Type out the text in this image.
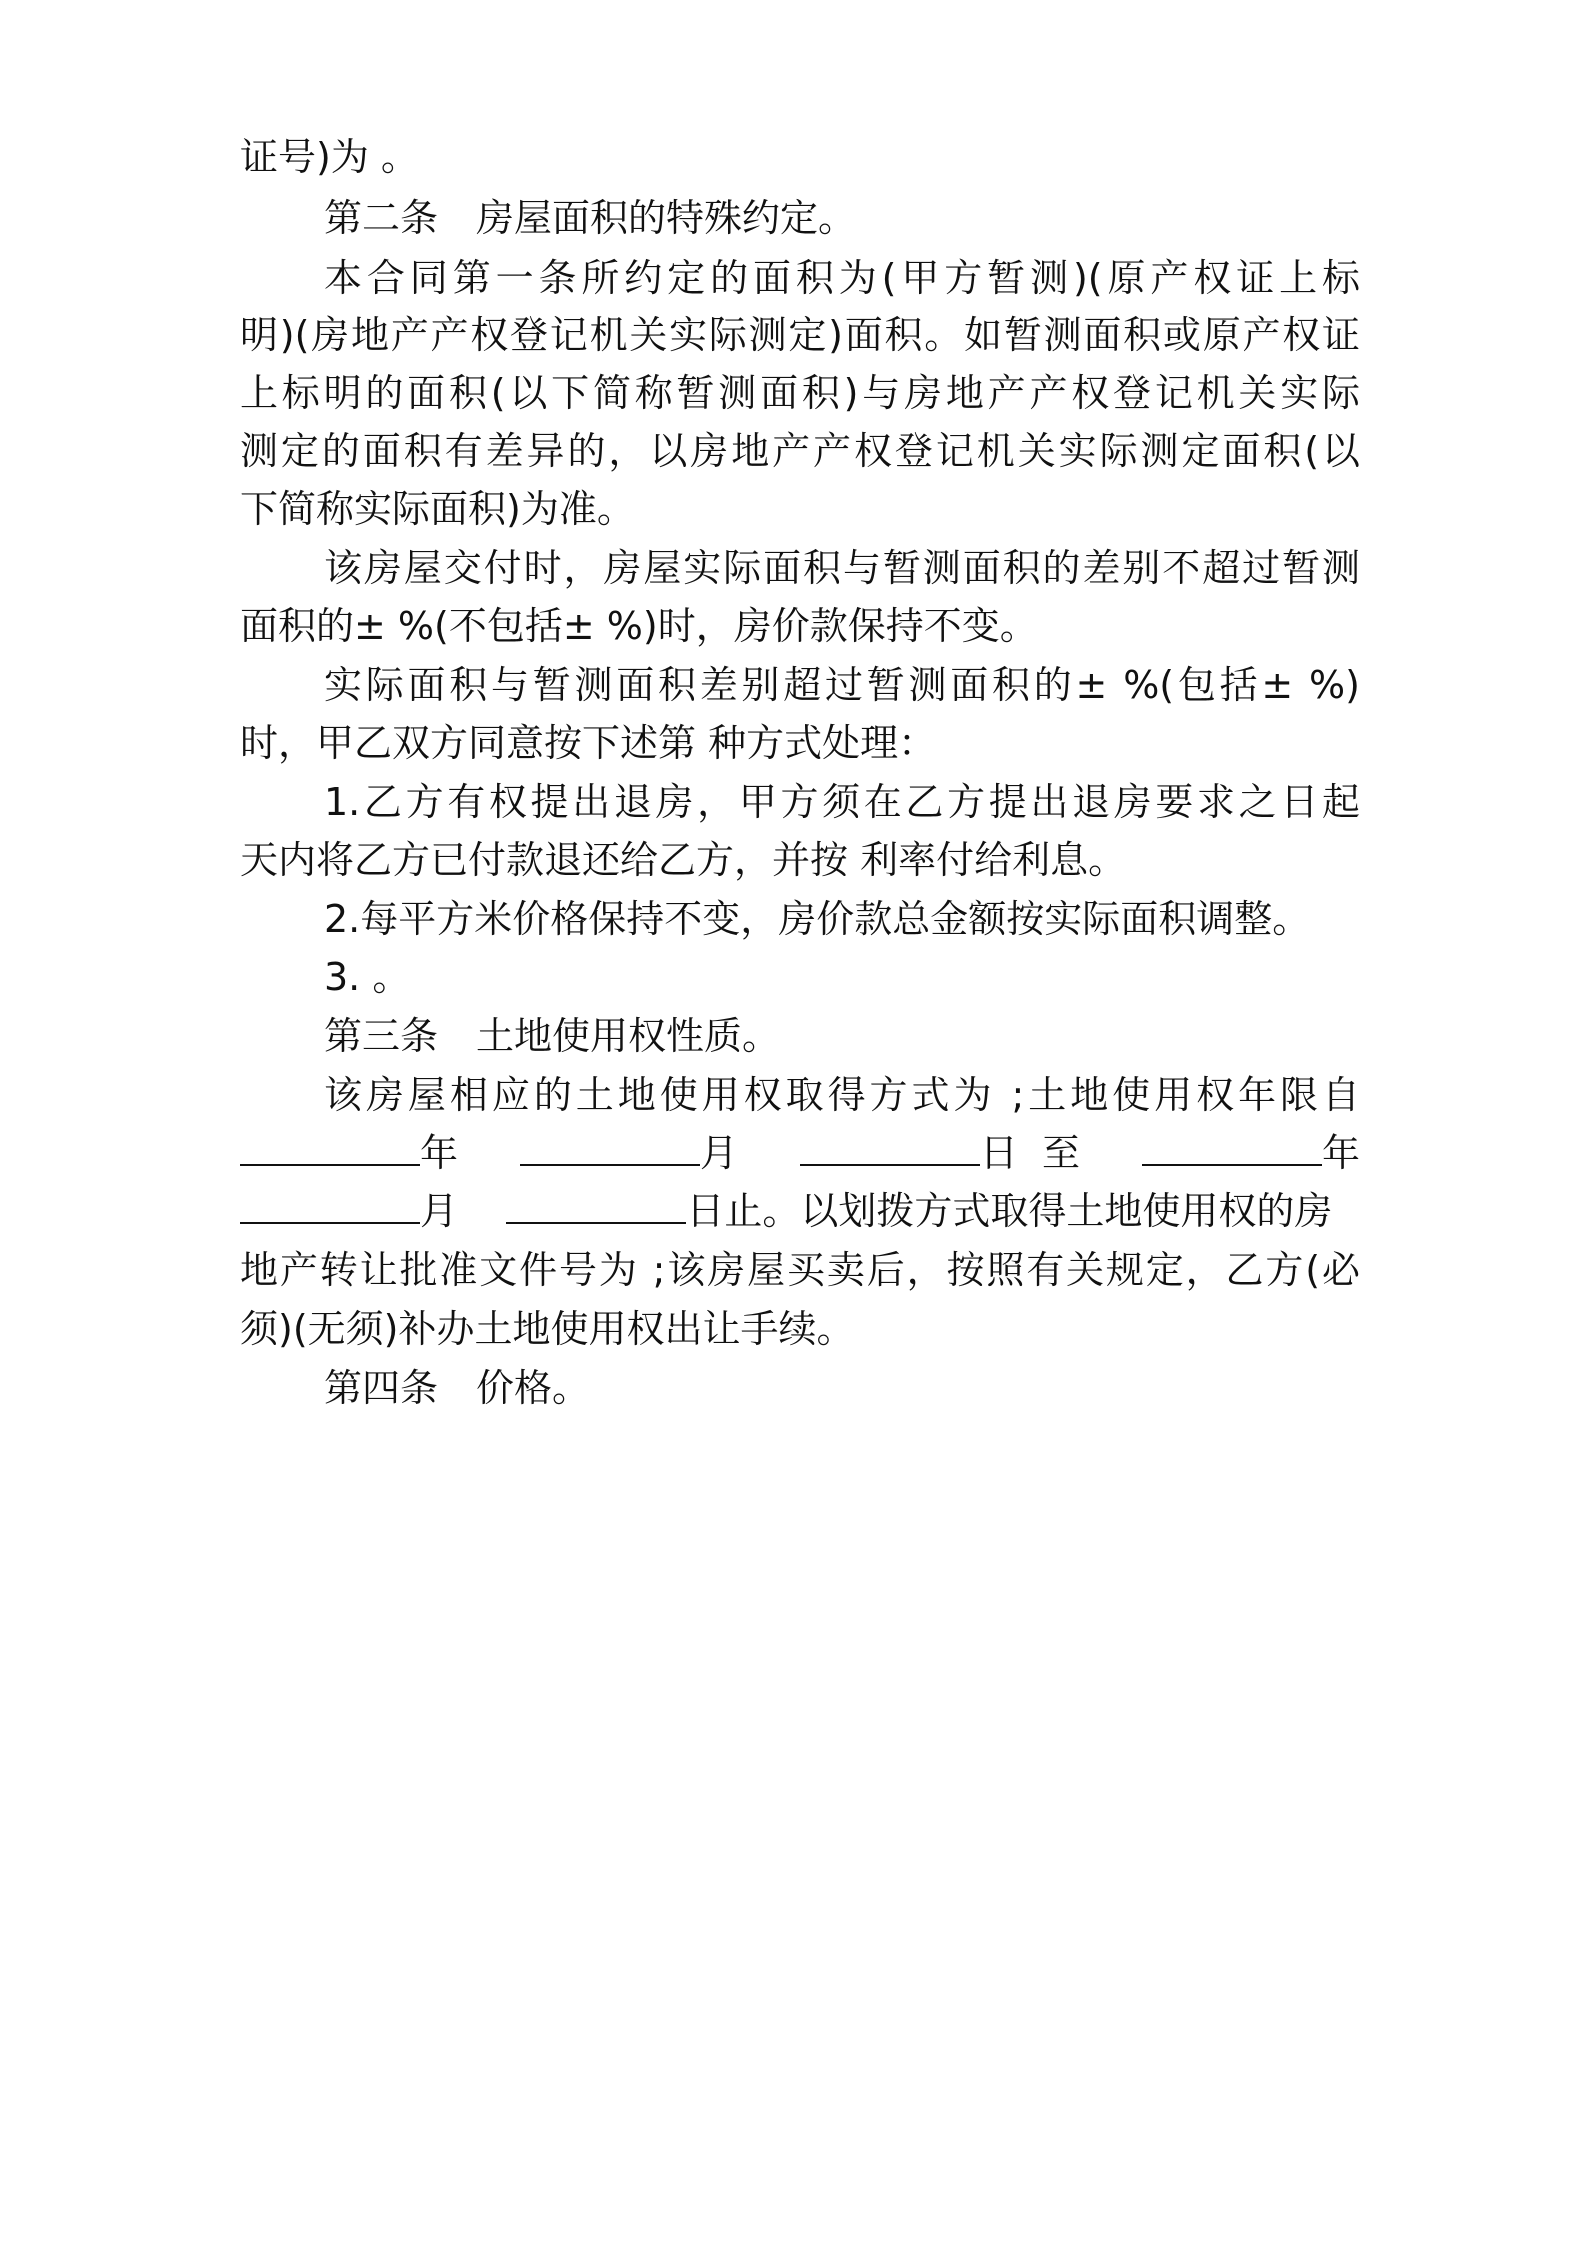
证号)为 。
第二条　房屋面积的特殊约定。
本合同第一条所约定的面积为(甲方暂测)(原产权证上标
明)(房地产产权登记机关实际测定)面积。如暂测面积或原产权证
上标明的面积(以下简称暂测面积)与房地产产权登记机关实际
测定的面积有差异的，以房地产产权登记机关实际测定面积(以
下简称实际面积)为准。
该房屋交付时，房屋实际面积与暂测面积的差别不超过暂测
面积的± %(不包括± %)时，房价款保持不变。
实际面积与暂测面积差别超过暂测面积的± %(包括± %)
时，甲乙双方同意按下述第 种方式处理：
1.乙方有权提出退房，甲方须在乙方提出退房要求之日起
天内将乙方已付款退还给乙方，并按 利率付给利息。
2.每平方米价格保持不变，房价款总金额按实际面积调整。
3. 。
第三条　土地使用权性质。
该房屋相应的土地使用权取得方式为 ;土地使用权年限自
年	月	日
至	年
月
	日止。 以划拨方式取得土地使用权的房
地产转让批准文件号为 ;该房屋买卖后，按照有关规定，乙方(必
须)(无须)补办土地使用权出让手续。
第四条　价格。
